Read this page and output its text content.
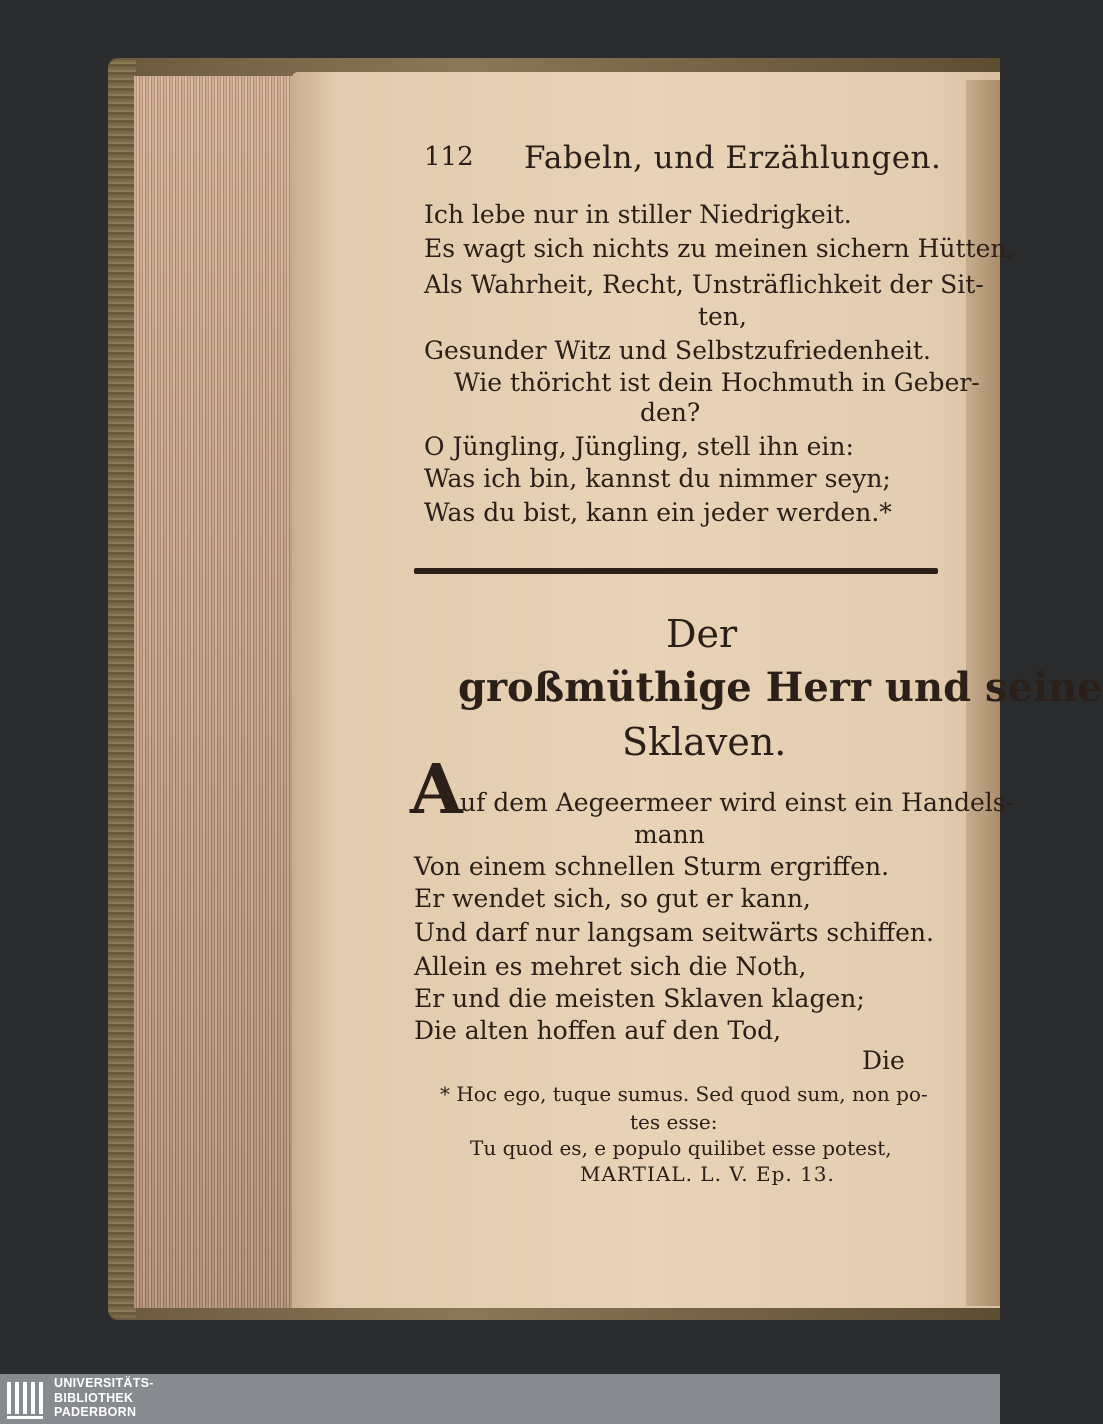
112 Fabeln, und Erzählungen.
Ich lebe nur in stiller Niedrigkeit.
Es wagt sich nichts zu meinen sichern Hütten,
Als Wahrheit, Recht, Unsträflichkeit der Sit-
ten,
Gesunder Witz und Selbstzufriedenheit.
Wie thöricht ist dein Hochmuth in Geber-
den?
O Jüngling, Jüngling, stell ihn ein:
Was ich bin, kannst du nimmer seyn;
Was du bist, kann ein jeder werden.*
Der
großmüthige Herr und seine
Sklaven.
A
uf dem Aegeermeer wird einst ein Handels-
mann
Von einem schnellen Sturm ergriffen.
Er wendet sich, so gut er kann,
Und darf nur langsam seitwärts schiffen.
Allein es mehret sich die Noth,
Er und die meisten Sklaven klagen;
Die alten hoffen auf den Tod,
Die
* Hoc ego, tuque sumus. Sed quod sum, non po-
tes esse:
Tu quod es, e populo quilibet esse potest,
MARTIAL. L. V. Ep. 13.
UNIVERSITÄTS-
BIBLIOTHEK
PADERBORN
